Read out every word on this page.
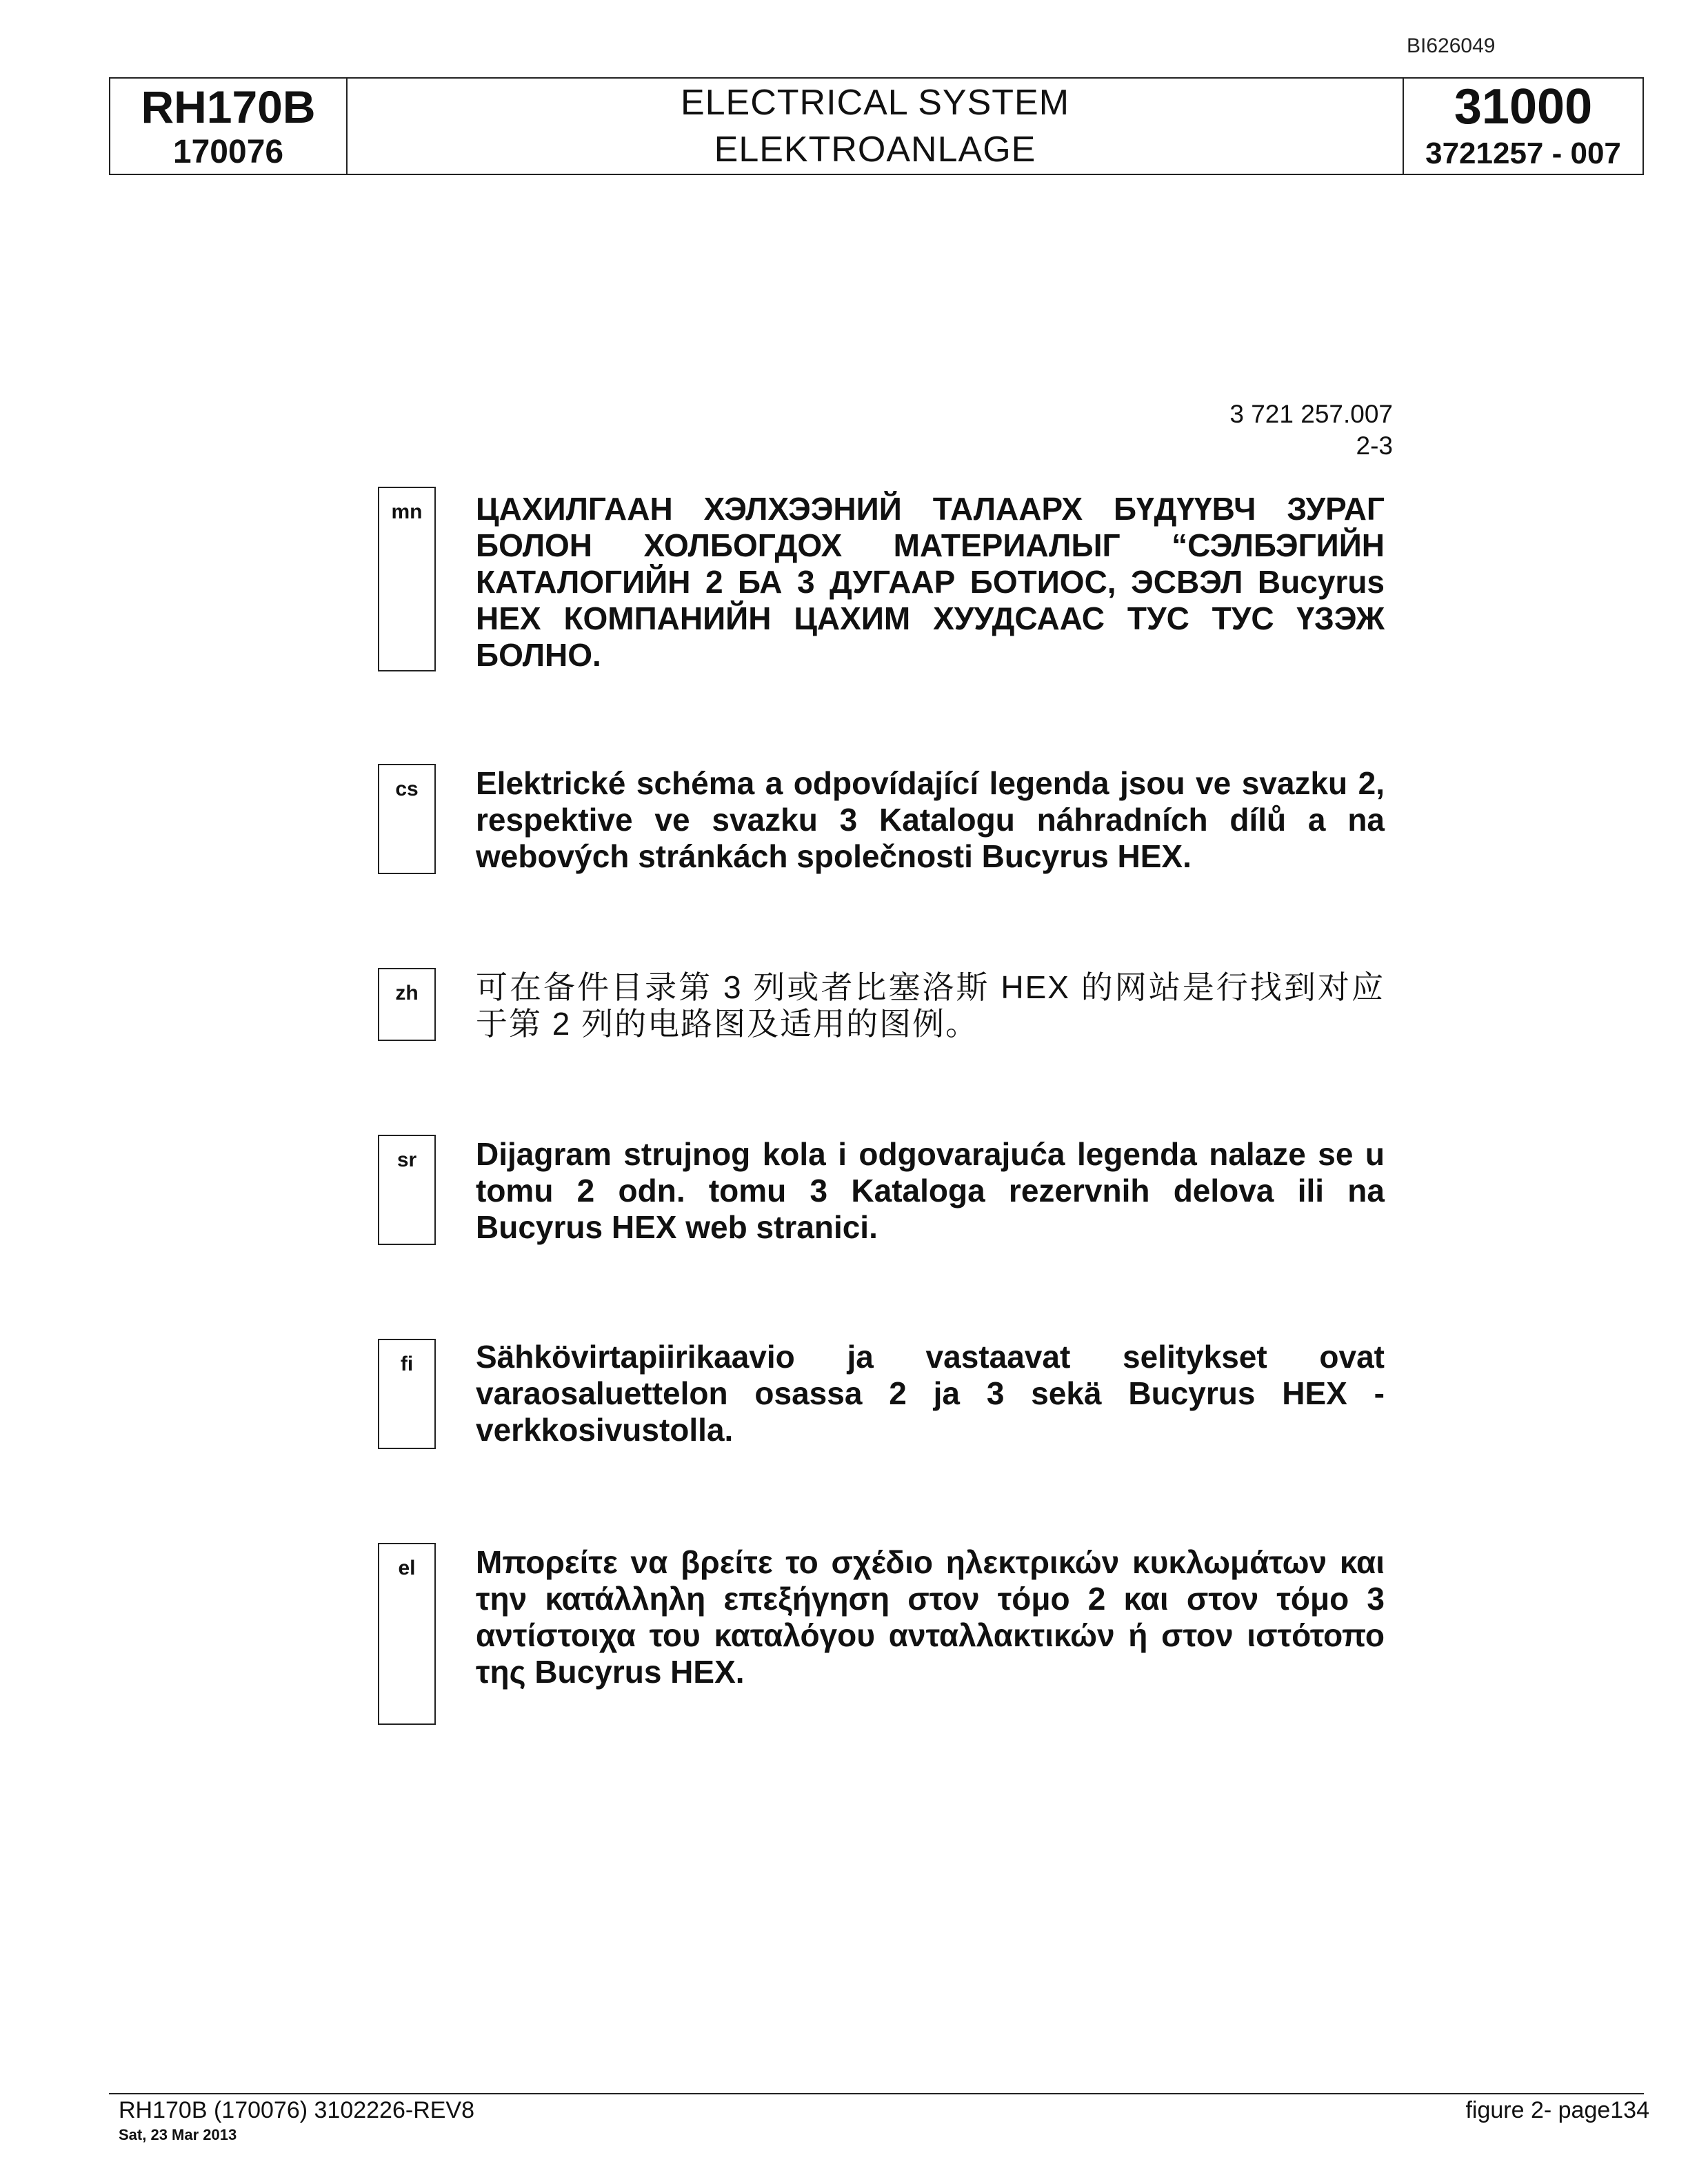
BI626049
RH170B
170076
ELECTRICAL SYSTEM
ELEKTROANLAGE
31000
3721257 - 007
3 721 257.007
2-3
mn	ЦАХИЛГААН ХЭЛХЭЭНИЙ ТАЛААРХ БҮДҮҮВЧ ЗУРАГ БОЛОН ХОЛБОГДОХ МАТЕРИАЛЫГ “СЭЛБЭГИЙН КАТАЛОГИЙН 2 БА 3 ДУГААР БОТИОС, ЭСВЭЛ Bucyrus HEX КОМПАНИЙН ЦАХИМ ХУУДСААС ТУС ТУС ҮЗЭЖ БОЛНО.
cs	Elektrické schéma a odpovídající legenda jsou ve svazku 2, respektive ve svazku 3 Katalogu náhradních dílů a na webových stránkách společnosti Bucyrus HEX.
zh	可在备件目录第 3 列或者比塞洛斯 HEX 的网站是行找到对应于第 2 列的电路图及适用的图例。
sr	Dijagram strujnog kola i odgovarajuća legenda nalaze se u tomu 2 odn. tomu 3 Kataloga rezervnih delova ili na Bucyrus HEX web stranici.
fi	Sähkövirtapiirikaavio ja vastaavat selitykset ovat varaosaluettelon osassa 2 ja 3 sekä Bucyrus HEX -verkkosivustolla.
el	Μπορείτε να βρείτε το σχέδιο ηλεκτρικών κυκλωμάτων και την κατάλληλη επεξήγηση στον τόμο 2 και στον τόμο 3 αντίστοιχα του καταλόγου ανταλλακτικών ή στον ιστότοπο της Bucyrus HEX.
RH170B (170076) 3102226-REV8
Sat, 23 Mar 2013
figure 2- page134
